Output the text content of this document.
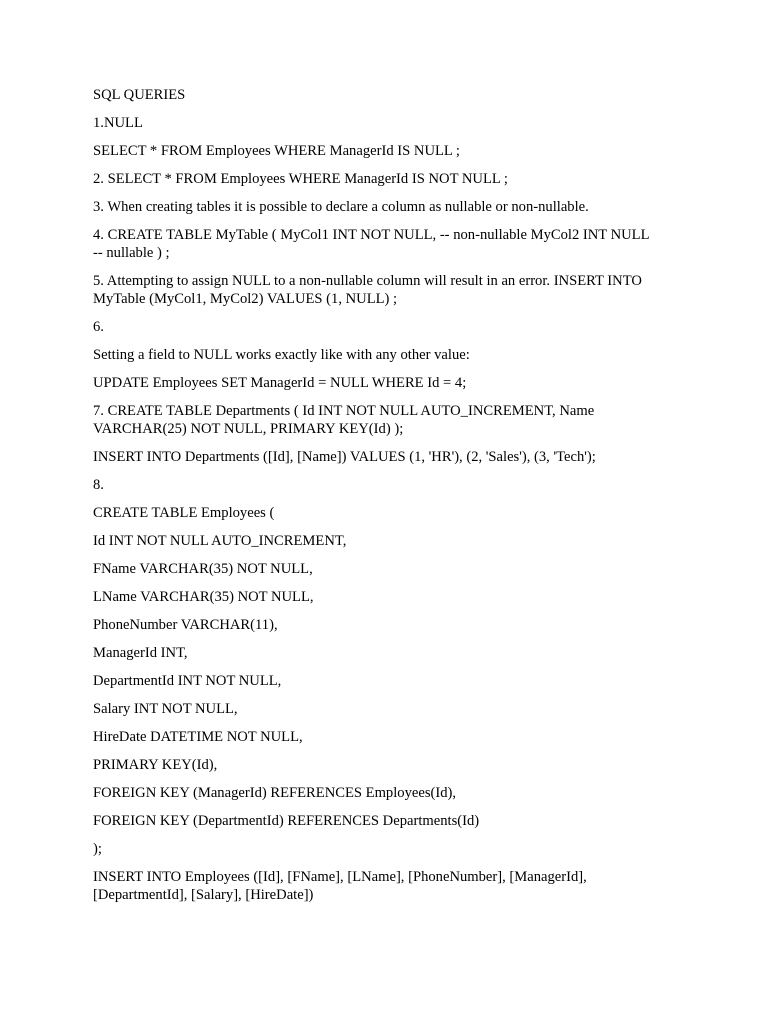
SQL QUERIES

1.NULL

SELECT * FROM Employees WHERE ManagerId IS NULL ;

2. SELECT * FROM Employees WHERE ManagerId IS NOT NULL ;

3. When creating tables it is possible to declare a column as nullable or non-nullable.

4. CREATE TABLE MyTable ( MyCol1 INT NOT NULL, -- non-nullable MyCol2 INT NULL -- nullable ) ;

5. Attempting to assign NULL to a non-nullable column will result in an error. INSERT INTO MyTable (MyCol1, MyCol2) VALUES (1, NULL) ;

6.

Setting a field to NULL works exactly like with any other value:

UPDATE Employees SET ManagerId = NULL WHERE Id = 4;

7. CREATE TABLE Departments ( Id INT NOT NULL AUTO_INCREMENT, Name VARCHAR(25) NOT NULL, PRIMARY KEY(Id) );

INSERT INTO Departments ([Id], [Name]) VALUES (1, 'HR'), (2, 'Sales'), (3, 'Tech');

8.

CREATE TABLE Employees (

Id INT NOT NULL AUTO_INCREMENT,

FName VARCHAR(35) NOT NULL,

LName VARCHAR(35) NOT NULL,

PhoneNumber VARCHAR(11),

ManagerId INT,

DepartmentId INT NOT NULL,

Salary INT NOT NULL,

HireDate DATETIME NOT NULL,

PRIMARY KEY(Id),

FOREIGN KEY (ManagerId) REFERENCES Employees(Id),

FOREIGN KEY (DepartmentId) REFERENCES Departments(Id)

);

INSERT INTO Employees ([Id], [FName], [LName], [PhoneNumber], [ManagerId], [DepartmentId], [Salary], [HireDate])
